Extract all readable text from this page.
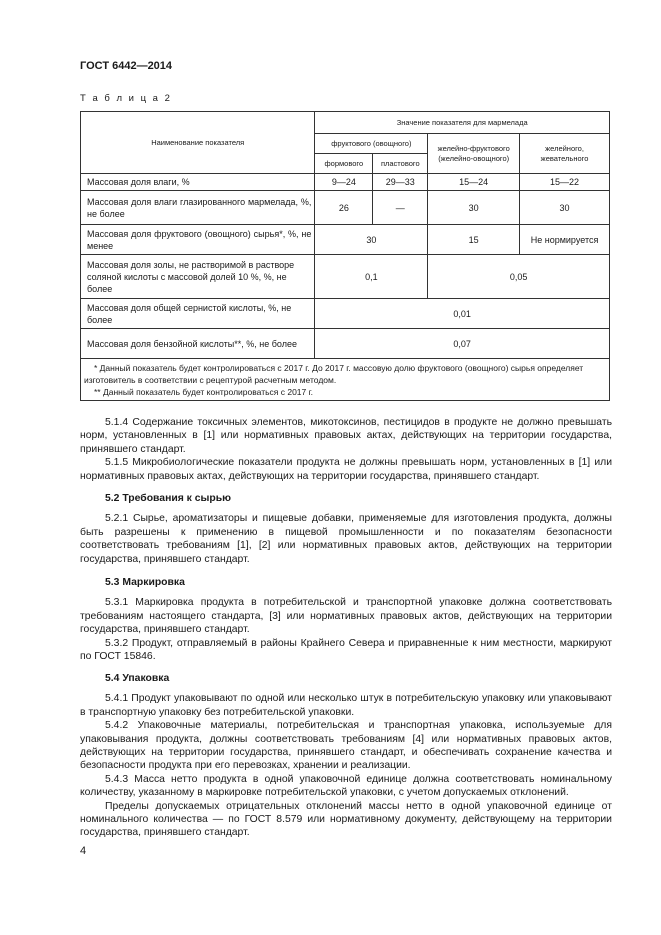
ГОСТ 6442—2014
Т а б л и ц а 2
Наименование показателя	Значение показателя для мармелада			
	фруктового (овощного)		желейно-фруктового (желейно-овощного)	желейного, жевательного
	формового	пластового		
Массовая доля влаги, %	9—24	29—33	15—24	15—22
Массовая доля влаги глазированного мармелада, %, не более	26	—	30	30
Массовая доля фруктового (овощного) сырья*, %, не менее	30		15	Не нормируется
Массовая доля золы, не растворимой в растворе соляной кислоты с массовой долей 10 %, %, не более	0,1		0,05	
Массовая доля общей сернистой кислоты, %, не более	0,01			
Массовая доля бензойной кислоты**, %, не более	0,07			

* Данный показатель будет контролироваться с 2017 г. До 2017 г. массовую долю фруктового (овощного) сырья определяет изготовитель в соответствии с рецептурой расчетным методом.

** Данный показатель будет контролироваться с 2017 г.				

5.1.4 Содержание токсичных элементов, микотоксинов, пестицидов в продукте не должно превышать норм, установленных в [1] или нормативных правовых актах, действующих на территории государства, принявшего стандарт.

5.1.5 Микробиологические показатели продукта не должны превышать норм, установленных в [1] или нормативных правовых актах, действующих на территории государства, принявшего стандарт.

5.2 Требования к сырью

5.2.1 Сырье, ароматизаторы и пищевые добавки, применяемые для изготовления продукта, должны быть разрешены к применению в пищевой промышленности и по показателям безопасности соответствовать требованиям [1], [2] или нормативных правовых актов, действующих на территории государства, принявшего стандарт.

5.3 Маркировка

5.3.1 Маркировка продукта в потребительской и транспортной упаковке должна соответствовать требованиям настоящего стандарта, [3] или нормативных правовых актов, действующих на территории государства, принявшего стандарт.

5.3.2 Продукт, отправляемый в районы Крайнего Севера и приравненные к ним местности, маркируют по ГОСТ 15846.

5.4 Упаковка

5.4.1 Продукт упаковывают по одной или несколько штук в потребительскую упаковку или упаковывают в транспортную упаковку без потребительской упаковки.

5.4.2 Упаковочные материалы, потребительская и транспортная упаковка, используемые для упаковывания продукта, должны соответствовать требованиям [4] или нормативных правовых актов, действующих на территории государства, принявшего стандарт, и обеспечивать сохранение качества и безопасности продукта при его перевозках, хранении и реализации.

5.4.3 Масса нетто продукта в одной упаковочной единице должна соответствовать номинальному количеству, указанному в маркировке потребительской упаковки, с учетом допускаемых отклонений.

Пределы допускаемых отрицательных отклонений массы нетто в одной упаковочной единице от номинального количества — по ГОСТ 8.579 или нормативному документу, действующему на территории государства, принявшего стандарт.

4
